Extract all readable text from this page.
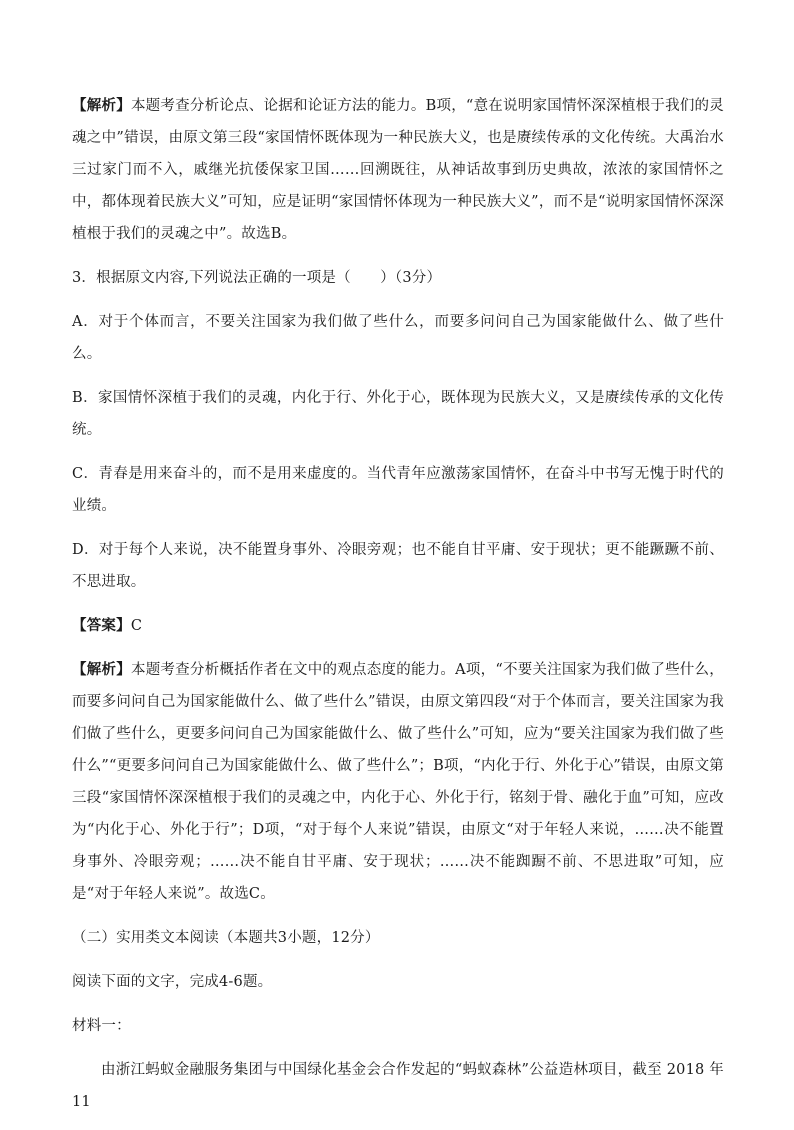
【解析】本题考查分析论点、论据和论证方法的能力。B项，“意在说明家国情怀深深植根于我们的灵魂之中”错误，由原文第三段“家国情怀既体现为一种民族大义，也是赓续传承的文化传统。大禹治水三过家门而不入，戚继光抗倭保家卫国……回溯既往，从神话故事到历史典故，浓浓的家国情怀之中，都体现着民族大义”可知，应是证明“家国情怀体现为一种民族大义”，而不是“说明家国情怀深深植根于我们的灵魂之中”。故选B。

3．根据原文内容,下列说法正确的一项是（　　）（3分）

A．对于个体而言，不要关注国家为我们做了些什么，而要多问问自己为国家能做什么、做了些什么。

B．家国情怀深植于我们的灵魂，内化于行、外化于心，既体现为民族大义，又是赓续传承的文化传统。

C．青春是用来奋斗的，而不是用来虚度的。当代青年应激荡家国情怀，在奋斗中书写无愧于时代的业绩。

D．对于每个人来说，决不能置身事外、冷眼旁观；也不能自甘平庸、安于现状；更不能蹶蹶不前、不思进取。

【答案】C

【解析】本题考查分析概括作者在文中的观点态度的能力。A项，“不要关注国家为我们做了些什么，而要多问问自己为国家能做什么、做了些什么”错误，由原文第四段“对于个体而言，要关注国家为我们做了些什么，更要多问问自己为国家能做什么、做了些什么”可知，应为“要关注国家为我们做了些什么”“更要多问问自己为国家能做什么、做了些什么”；B项，“内化于行、外化于心”错误，由原文第三段“家国情怀深深植根于我们的灵魂之中，内化于心、外化于行，铭刻于骨、融化于血”可知，应改为“内化于心、外化于行”；D项，“对于每个人来说”错误，由原文“对于年轻人来说，……决不能置身事外、冷眼旁观；……决不能自甘平庸、安于现状；……决不能踟蹰不前、不思进取”可知，应是“对于年轻人来说”。故选C。

（二）实用类文本阅读（本题共3小题，12分）

阅读下面的文字，完成4-6题。

材料一：

由浙江蚂蚁金融服务集团与中国绿化基金会合作发起的“蚂蚁森林”公益造林项目，截至 2018 年 11
